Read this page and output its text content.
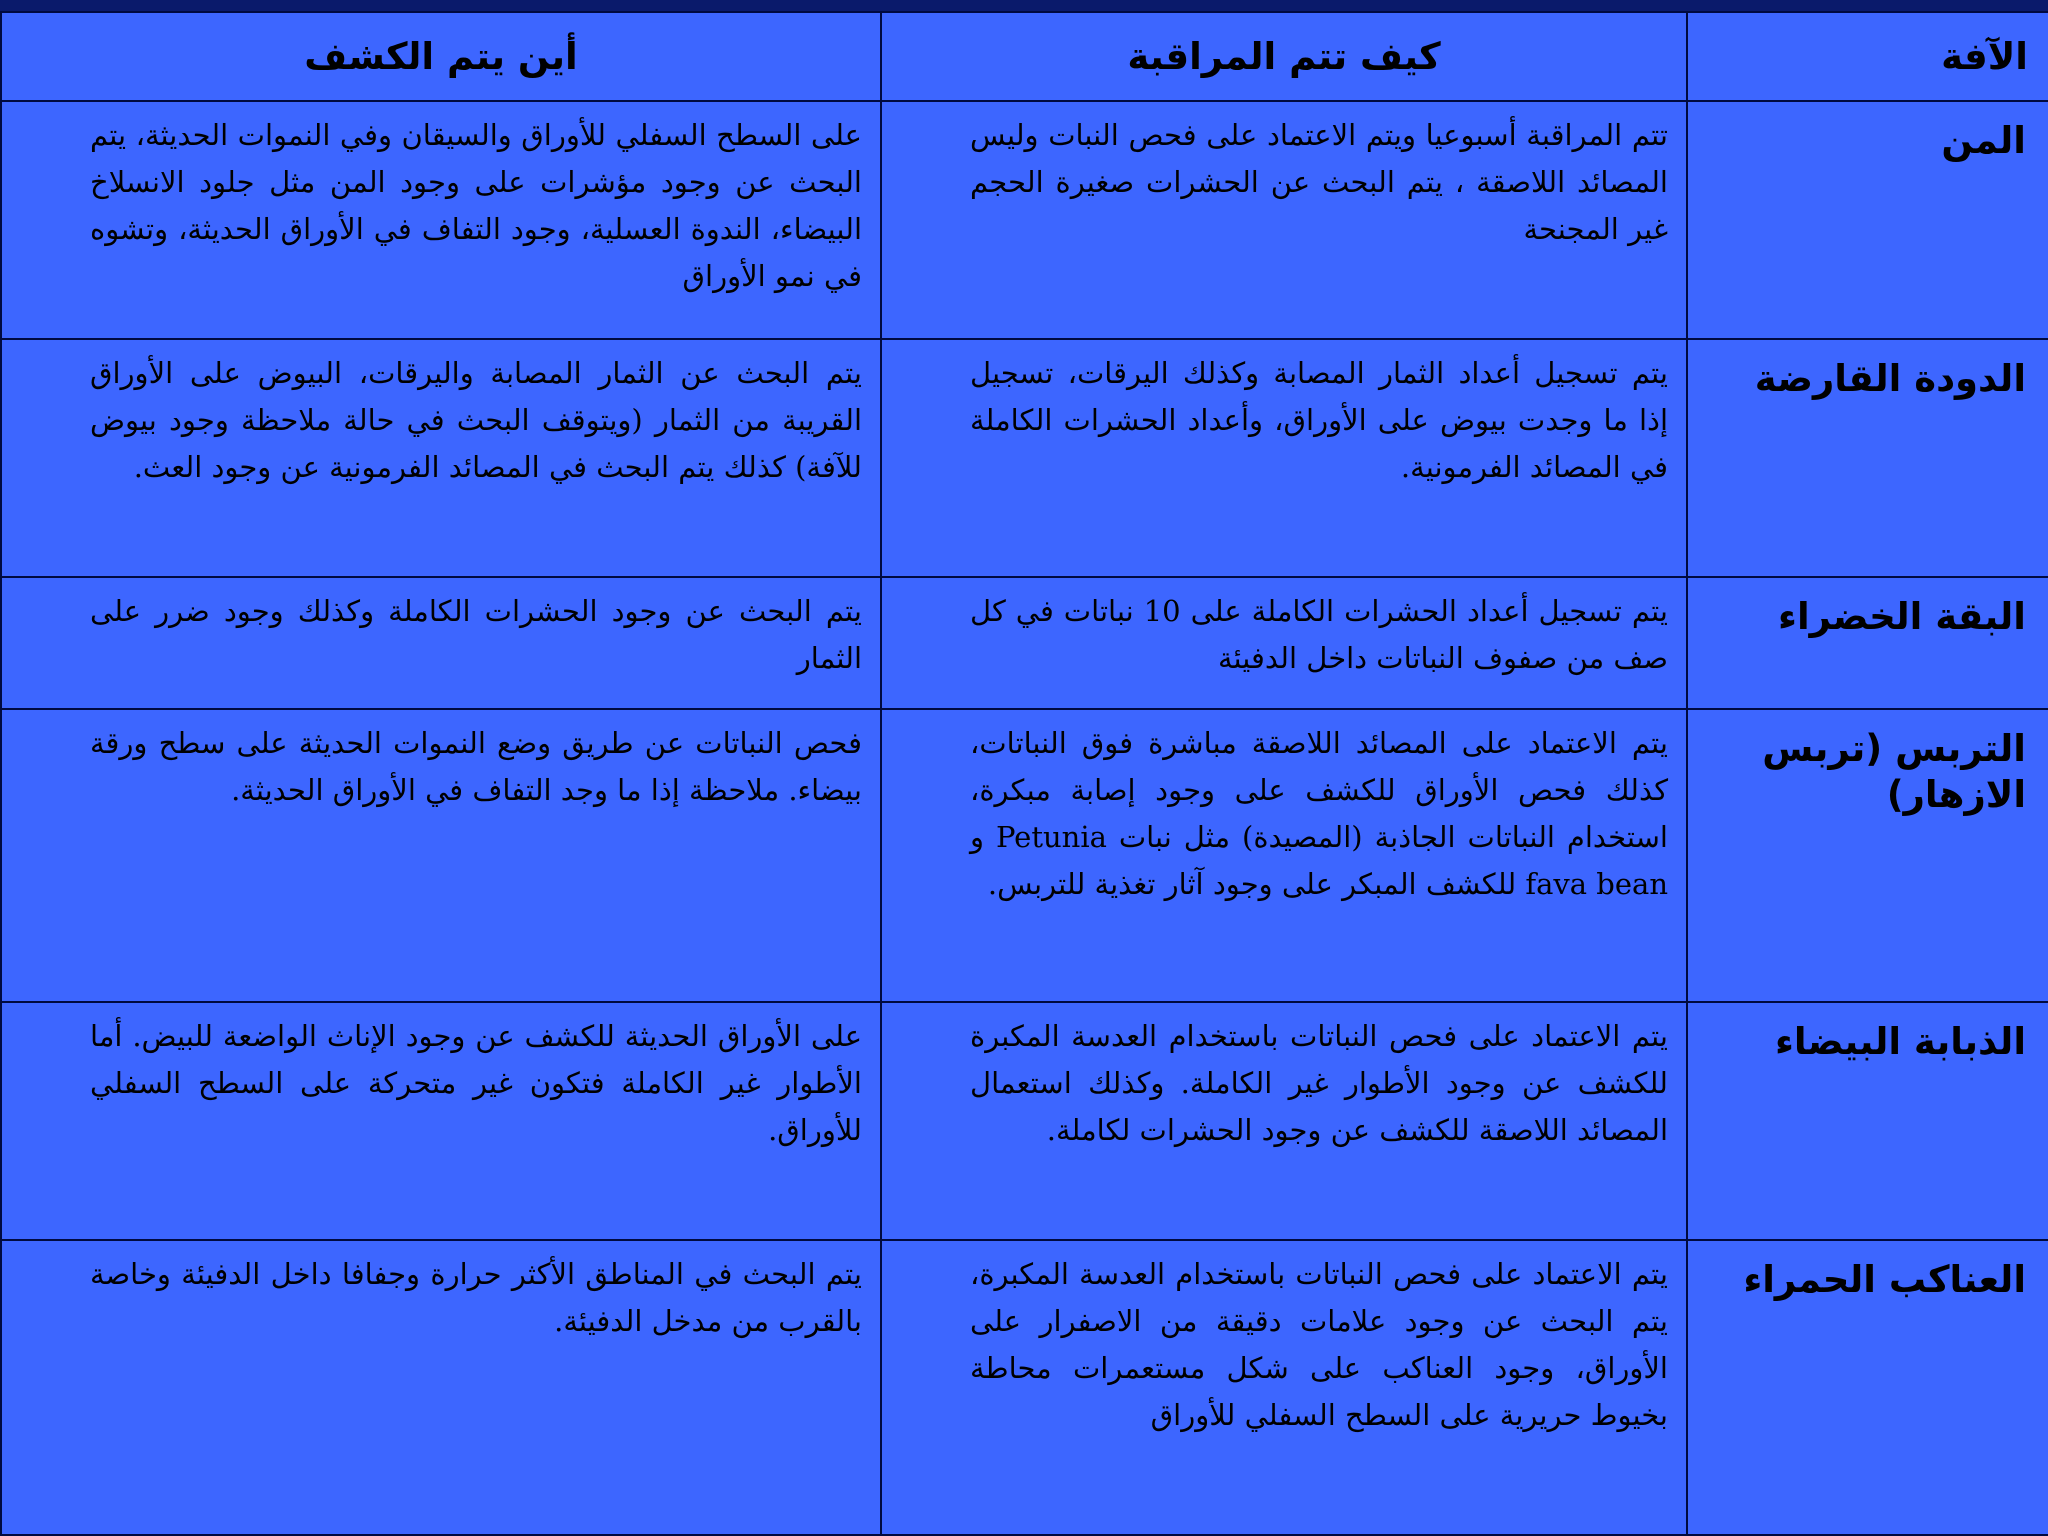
الآفة	كيف تتم المراقبة	أين يتم الكشف
المن	تتم المراقبة أسبوعيا ويتم الاعتماد على فحص النبات وليس المصائد اللاصقة ، يتم البحث عن الحشرات صغيرة الحجم غير المجنحة	على السطح السفلي للأوراق والسيقان وفي النموات الحديثة، يتم البحث عن وجود مؤشرات على وجود المن مثل جلود الانسلاخ البيضاء، الندوة العسلية، وجود التفاف في الأوراق الحديثة، وتشوه في نمو الأوراق
الدودة القارضة	يتم تسجيل أعداد الثمار المصابة وكذلك اليرقات، تسجيل إذا ما وجدت بيوض على الأوراق، وأعداد الحشرات الكاملة في المصائد الفرمونية.	يتم البحث عن الثمار المصابة واليرقات، البيوض على الأوراق القريبة من الثمار (ويتوقف البحث في حالة ملاحظة وجود بيوض للآفة) كذلك يتم البحث في المصائد الفرمونية عن وجود العث.
البقة الخضراء	يتم تسجيل أعداد الحشرات الكاملة على 10 نباتات في كل صف من صفوف النباتات داخل الدفيئة	يتم البحث عن وجود الحشرات الكاملة وكذلك وجود ضرر على الثمار
التربس (تربس الازهار)	يتم الاعتماد على المصائد اللاصقة مباشرة فوق النباتات، كذلك فحص الأوراق للكشف على وجود إصابة مبكرة، استخدام النباتات الجاذبة (المصيدة) مثل نبات Petunia و fava bean للكشف المبكر على وجود آثار تغذية للتربس.	فحص النباتات عن طريق وضع النموات الحديثة على سطح ورقة بيضاء. ملاحظة إذا ما وجد التفاف في الأوراق الحديثة.
الذبابة البيضاء	يتم الاعتماد على فحص النباتات باستخدام العدسة المكبرة للكشف عن وجود الأطوار غير الكاملة. وكذلك استعمال المصائد اللاصقة للكشف عن وجود الحشرات لكاملة.	على الأوراق الحديثة للكشف عن وجود الإناث الواضعة للبيض. أما الأطوار غير الكاملة فتكون غير متحركة على السطح السفلي للأوراق.
العناكب الحمراء	يتم الاعتماد على فحص النباتات باستخدام العدسة المكبرة، يتم البحث عن وجود علامات دقيقة من الاصفرار على الأوراق، وجود العناكب على شكل مستعمرات محاطة بخيوط حريرية على السطح السفلي للأوراق	يتم البحث في المناطق الأكثر حرارة وجفافا داخل الدفيئة وخاصة بالقرب من مدخل الدفيئة.
